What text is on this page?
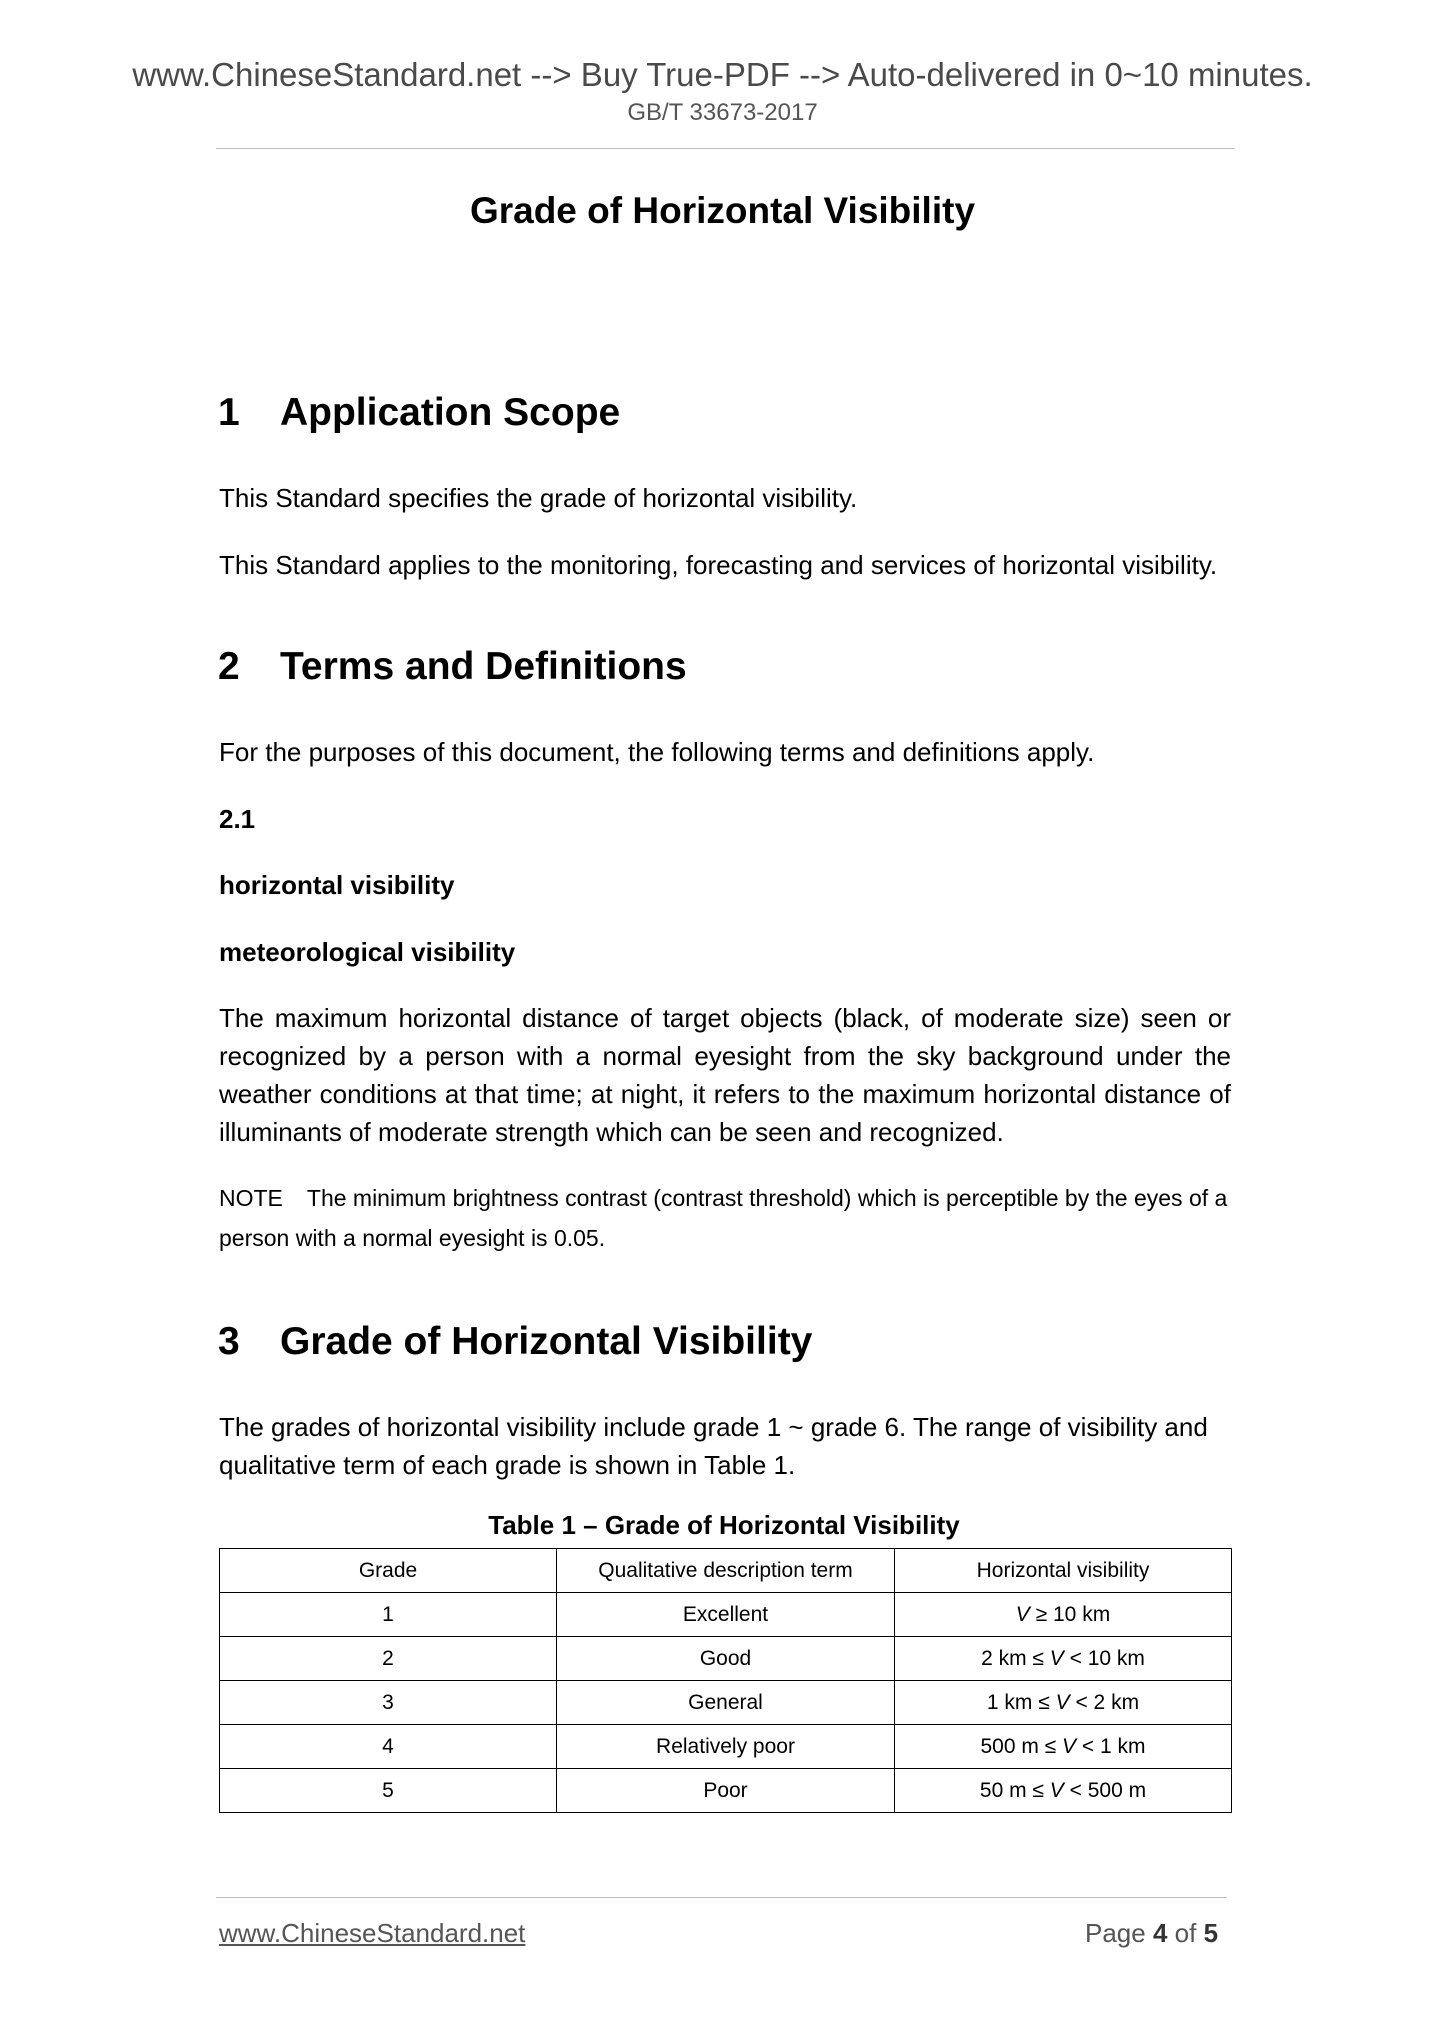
www.ChineseStandard.net --> Buy True-PDF --> Auto-delivered in 0~10 minutes.
GB/T 33673-2017
Grade of Horizontal Visibility
1 Application Scope
This Standard specifies the grade of horizontal visibility.
This Standard applies to the monitoring, forecasting and services of horizontal visibility.
2 Terms and Definitions
For the purposes of this document, the following terms and definitions apply.
2.1
horizontal visibility
meteorological visibility
The maximum horizontal distance of target objects (black, of moderate size) seen or recognized by a person with a normal eyesight from the sky background under the weather conditions at that time; at night, it refers to the maximum horizontal distance of illuminants of moderate strength which can be seen and recognized.
NOTE The minimum brightness contrast (contrast threshold) which is perceptible by the eyes of a person with a normal eyesight is 0.05.
3 Grade of Horizontal Visibility
The grades of horizontal visibility include grade 1 ~ grade 6. The range of visibility and qualitative term of each grade is shown in Table 1.
Table 1 – Grade of Horizontal Visibility
Grade	Qualitative description term	Horizontal visibility
1	Excellent	V ≥ 10 km
2	Good	2 km ≤ V < 10 km
3	General	1 km ≤ V < 2 km
4	Relatively poor	500 m ≤ V < 1 km
5	Poor	50 m ≤ V < 500 m
www.ChineseStandard.net	Page 4 of 5
